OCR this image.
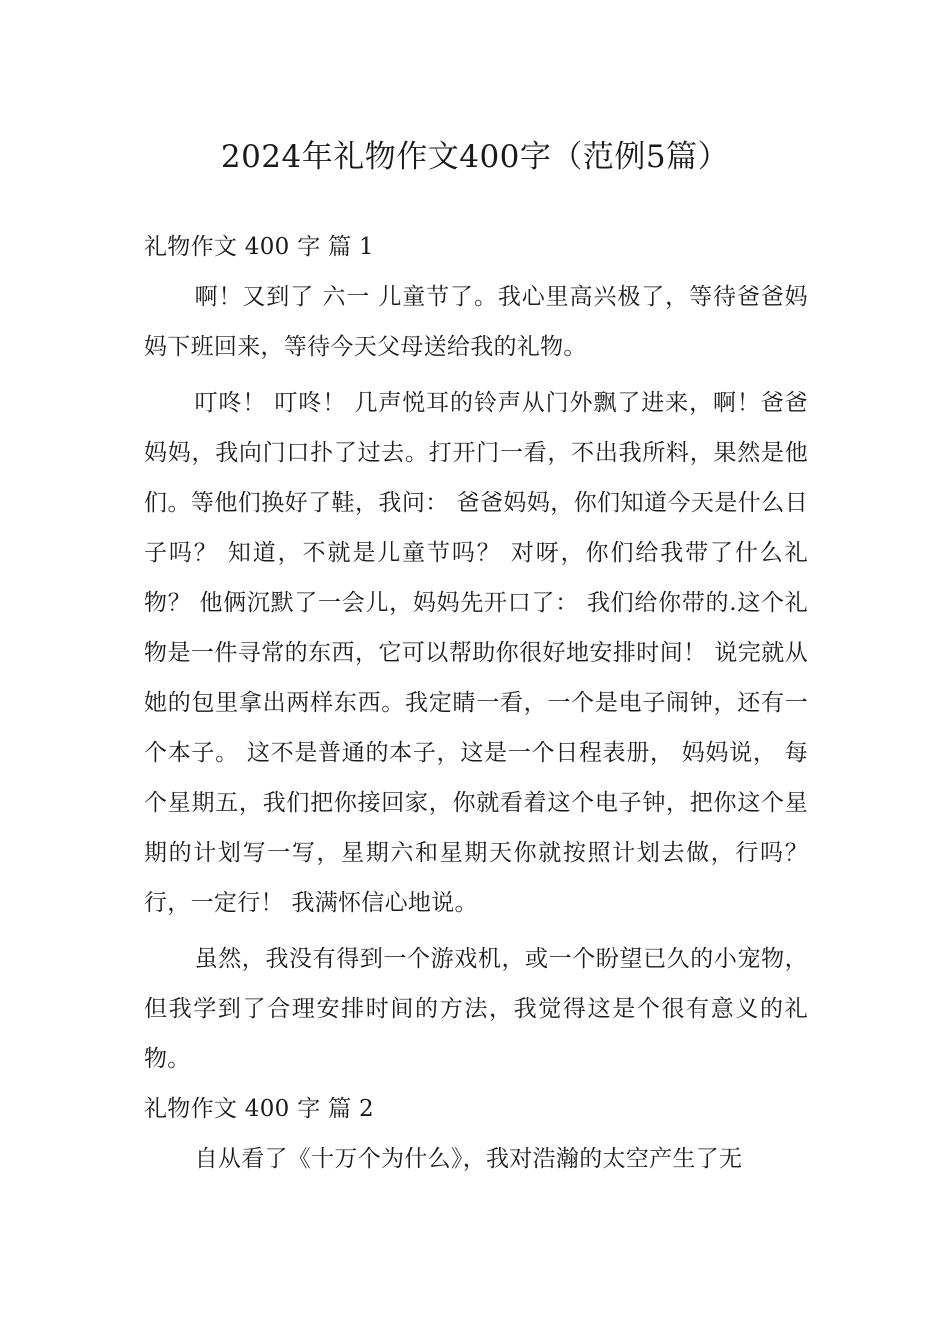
2024年礼物作文400字（范例5篇）

礼物作文 400 字 篇 1

啊！又到了 六一 儿童节了。我心里高兴极了，等待爸爸妈妈下班回来，等待今天父母送给我的礼物。

叮咚！ 叮咚！ 几声悦耳的铃声从门外飘了进来，啊！爸爸妈妈，我向门口扑了过去。打开门一看，不出我所料，果然是他们。等他们换好了鞋，我问： 爸爸妈妈，你们知道今天是什么日子吗？ 知道，不就是儿童节吗？ 对呀，你们给我带了什么礼物？ 他俩沉默了一会儿，妈妈先开口了： 我们给你带的.这个礼物是一件寻常的东西，它可以帮助你很好地安排时间！ 说完就从她的包里拿出两样东西。我定睛一看，一个是电子闹钟，还有一个本子。 这不是普通的本子，这是一个日程表册， 妈妈说， 每个星期五，我们把你接回家，你就看着这个电子钟，把你这个星期的计划写一写，星期六和星期天你就按照计划去做，行吗？ 行，一定行！ 我满怀信心地说。

虽然，我没有得到一个游戏机，或一个盼望已久的小宠物，但我学到了合理安排时间的方法，我觉得这是个很有意义的礼物。

礼物作文 400 字 篇 2

自从看了《十万个为什么》，我对浩瀚的太空产生了无
